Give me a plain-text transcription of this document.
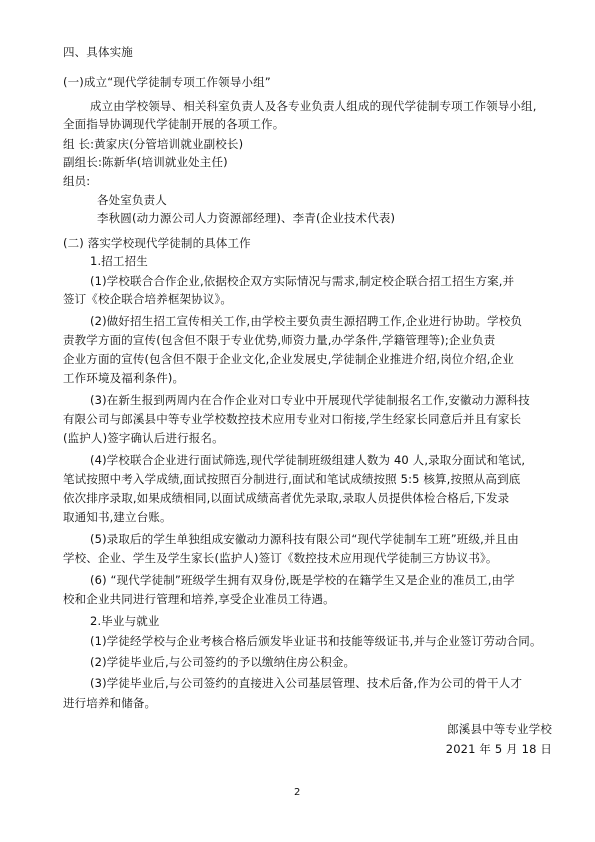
四、具体实施
(一)成立“现代学徒制专项工作领导小组”
成立由学校领导、相关科室负责人及各专业负责人组成的现代学徒制专项工作领导小组,
全面指导协调现代学徒制开展的各项工作。
组 长:黄家庆(分管培训就业副校长)
副组长:陈新华(培训就业处主任)
组员:
各处室负责人
李秋圆(动力源公司人力资源部经理)、李青(企业技术代表)
(二) 落实学校现代学徒制的具体工作
1.招工招生
(1)学校联合合作企业,依据校企双方实际情况与需求,制定校企联合招工招生方案,并
签订《校企联合培养框架协议》。
(2)做好招生招工宣传相关工作,由学校主要负责生源招聘工作,企业进行协助。学校负
责教学方面的宣传(包含但不限于专业优势,师资力量,办学条件,学籍管理等);企业负责
企业方面的宣传(包含但不限于企业文化,企业发展史,学徒制企业推进介绍,岗位介绍,企业
工作环境及福利条件)。
(3)在新生报到两周内在合作企业对口专业中开展现代学徒制报名工作,安徽动力源科技
有限公司与郎溪县中等专业学校数控技术应用专业对口衔接,学生经家长同意后并且有家长
(监护人)签字确认后进行报名。
(4)学校联合企业进行面试筛选,现代学徒制班级组建人数为 40 人,录取分面试和笔试,
笔试按照中考入学成绩,面试按照百分制进行,面试和笔试成绩按照 5:5 核算,按照从高到底
依次排序录取,如果成绩相同,以面试成绩高者优先录取,录取人员提供体检合格后,下发录
取通知书,建立台账。
(5)录取后的学生单独组成安徽动力源科技有限公司“现代学徒制车工班”班级,并且由
学校、企业、学生及学生家长(监护人)签订《数控技术应用现代学徒制三方协议书》。
(6) “现代学徒制”班级学生拥有双身份,既是学校的在籍学生又是企业的准员工,由学
校和企业共同进行管理和培养,享受企业准员工待遇。
2.毕业与就业
(1)学徒经学校与企业考核合格后颁发毕业证书和技能等级证书,并与企业签订劳动合同。
(2)学徒毕业后,与公司签约的予以缴纳住房公积金。
(3)学徒毕业后,与公司签约的直接进入公司基层管理、技术后备,作为公司的骨干人才
进行培养和储备。
郎溪县中等专业学校
2021 年 5 月 18 日
2
